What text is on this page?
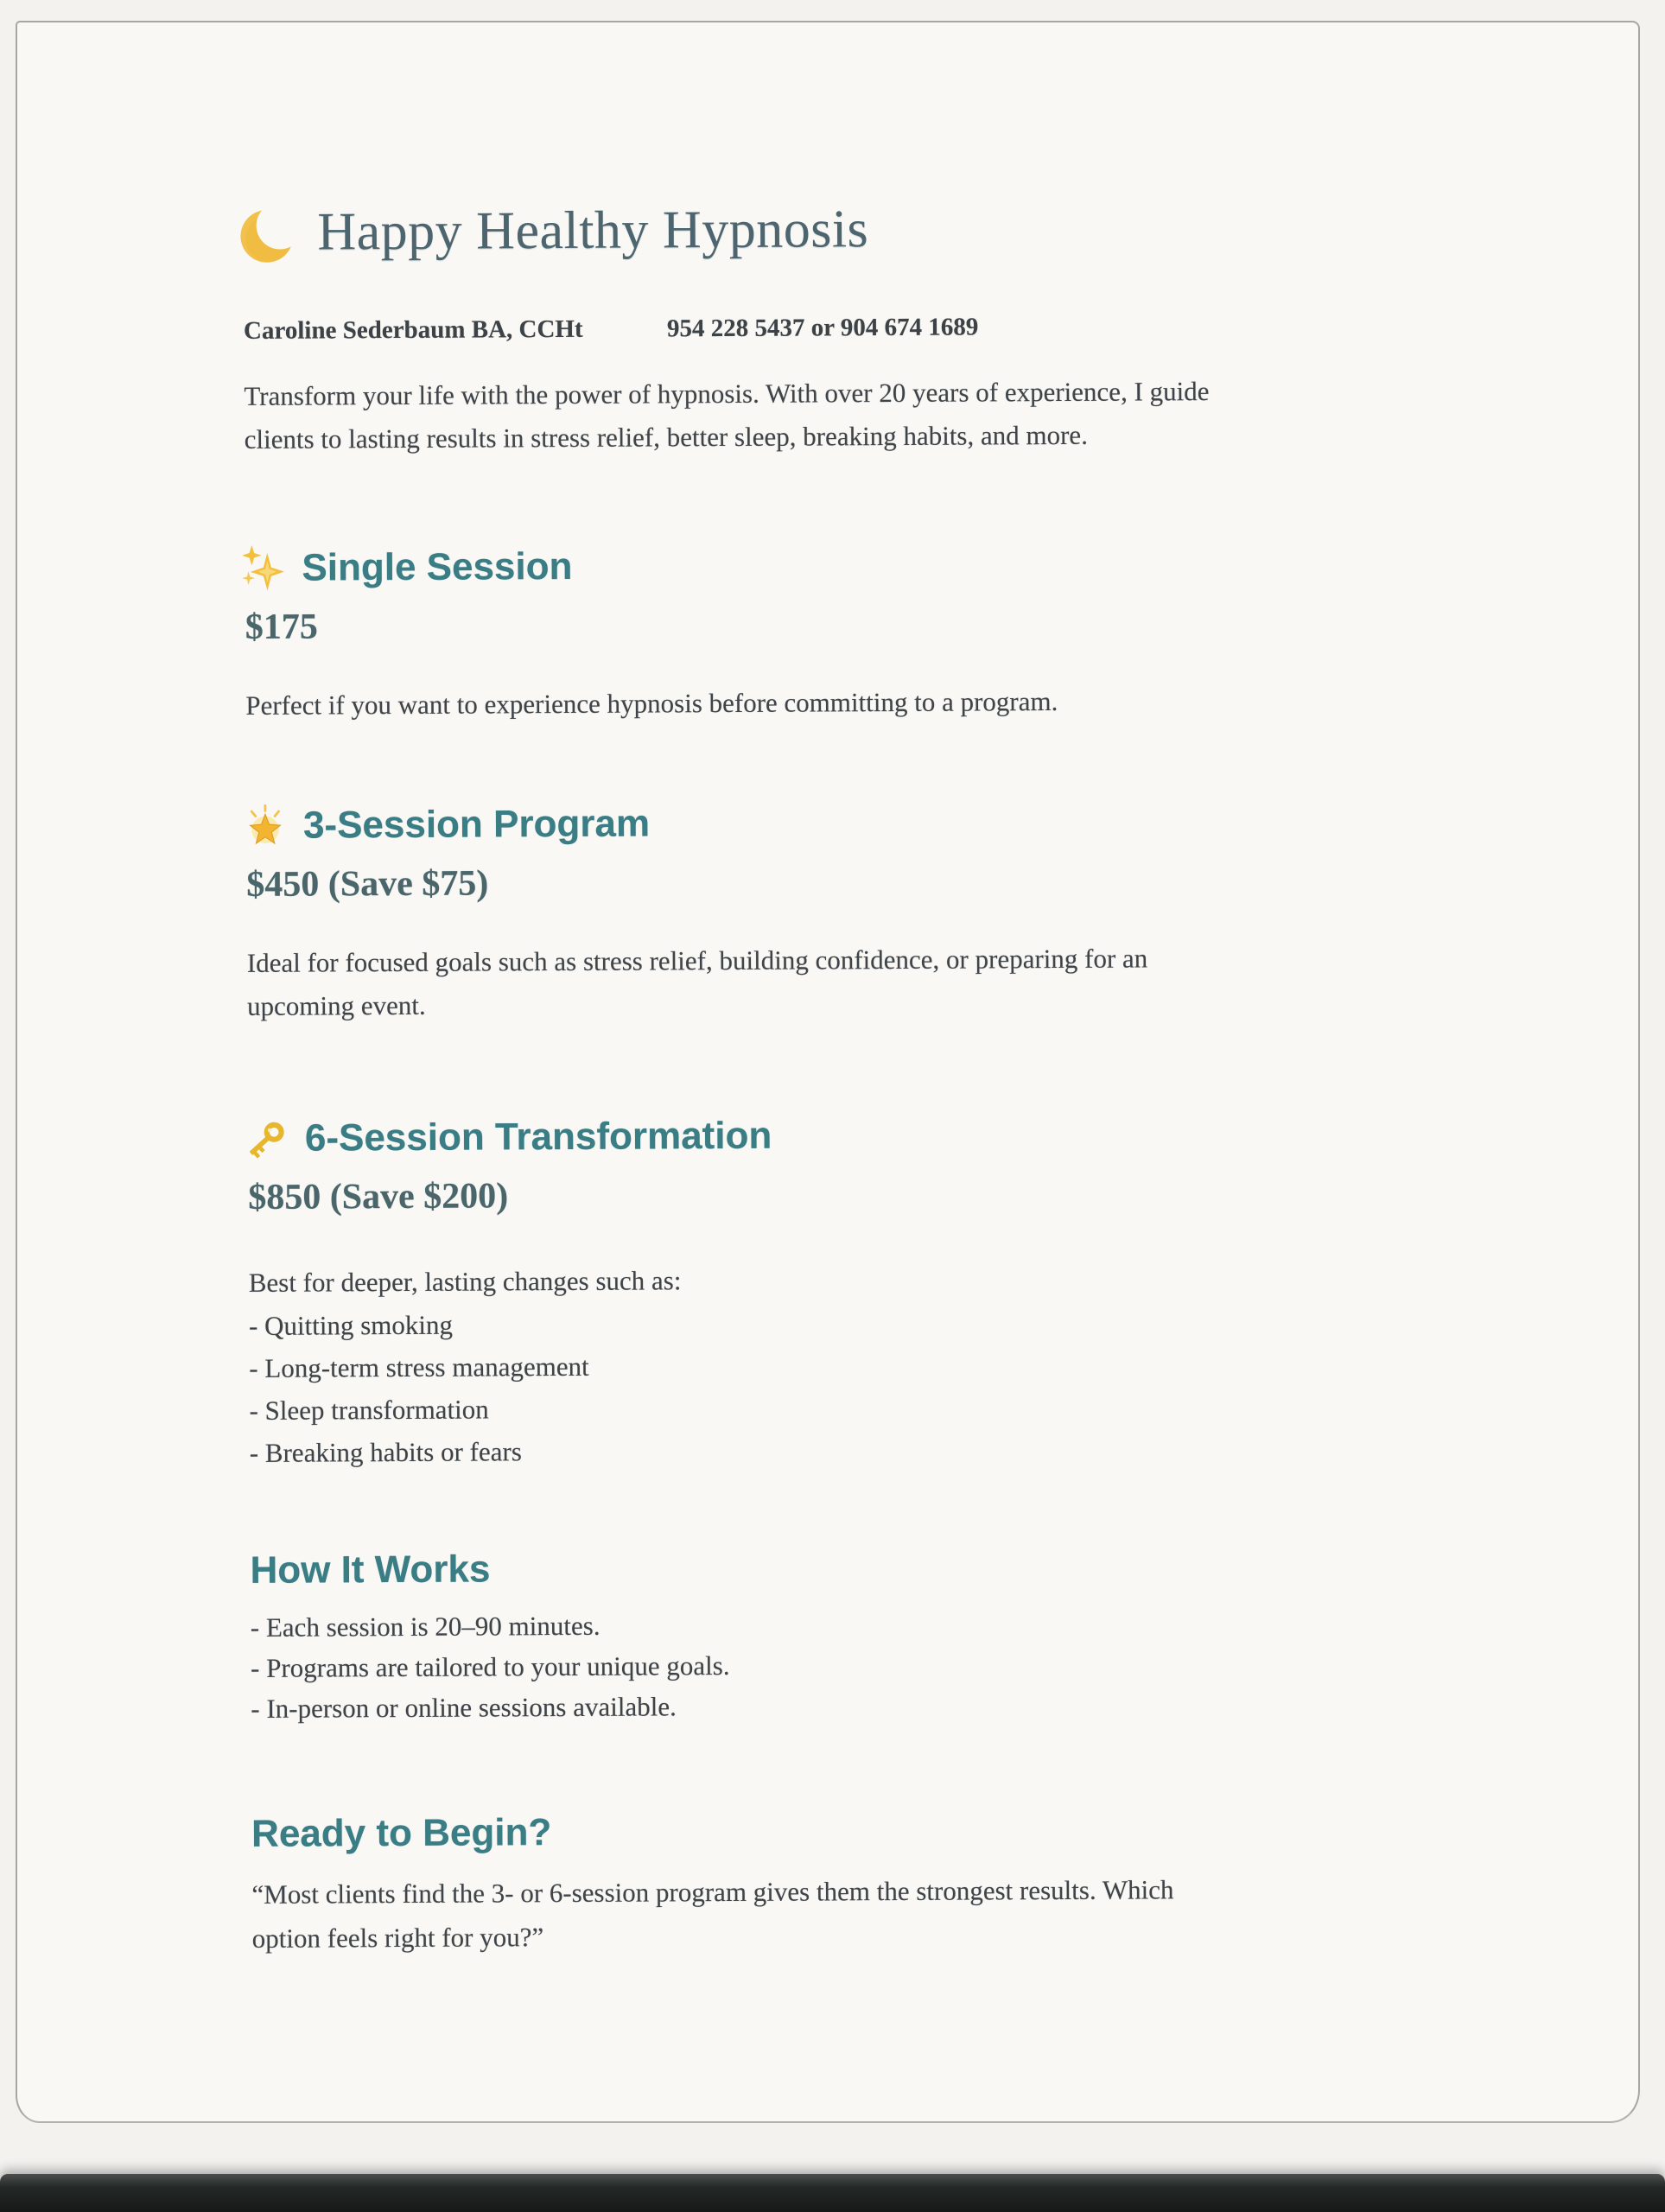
Happy Healthy Hypnosis
Caroline Sederbaum BA, CCHt	954 228 5437 or 904 674 1689
Transform your life with the power of hypnosis. With over 20 years of experience, I guide
clients to lasting results in stress relief, better sleep, breaking habits, and more.
Single Session
$175
Perfect if you want to experience hypnosis before committing to a program.
3-Session Program
$450 (Save $75)
Ideal for focused goals such as stress relief, building confidence, or preparing for an
upcoming event.
6-Session Transformation
$850 (Save $200)
Best for deeper, lasting changes such as:
- Quitting smoking
- Long-term stress management
- Sleep transformation
- Breaking habits or fears
How It Works
- Each session is 20–90 minutes.
- Programs are tailored to your unique goals.
- In-person or online sessions available.
Ready to Begin?
“Most clients find the 3- or 6-session program gives them the strongest results. Which
option feels right for you?”
